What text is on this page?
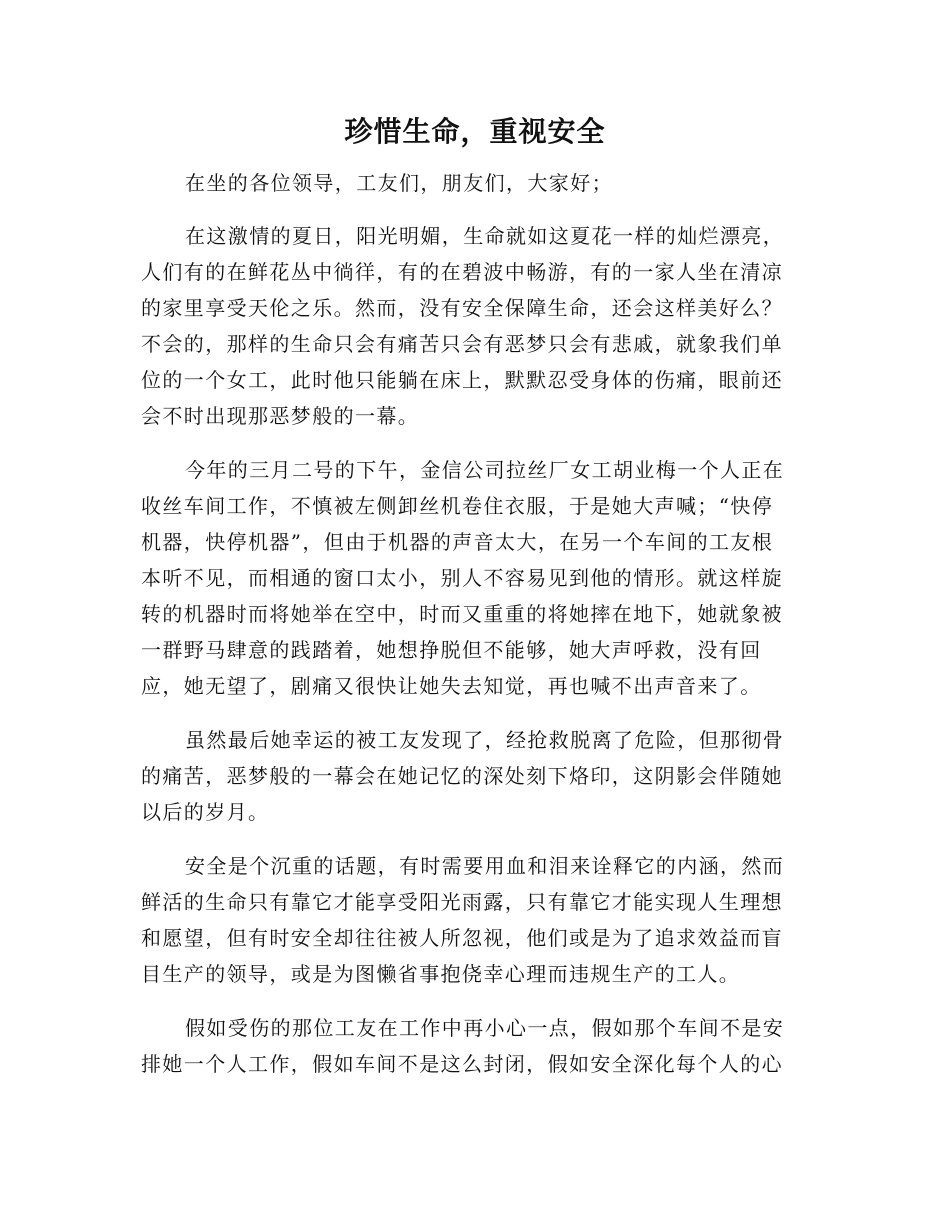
珍惜生命，重视安全
在坐的各位领导，工友们，朋友们，大家好；
在这激情的夏日，阳光明媚，生命就如这夏花一样的灿烂漂亮，
人们有的在鲜花丛中徜徉，有的在碧波中畅游，有的一家人坐在清凉
的家里享受天伦之乐。然而，没有安全保障生命，还会这样美好么？
不会的，那样的生命只会有痛苦只会有恶梦只会有悲戚，就象我们单
位的一个女工，此时他只能躺在床上，默默忍受身体的伤痛，眼前还
会不时出现那恶梦般的一幕。
今年的三月二号的下午，金信公司拉丝厂女工胡业梅一个人正在
收丝车间工作，不慎被左侧卸丝机卷住衣服，于是她大声喊；“快停
机器，快停机器”，但由于机器的声音太大，在另一个车间的工友根
本听不见，而相通的窗口太小，别人不容易见到他的情形。就这样旋
转的机器时而将她举在空中，时而又重重的将她摔在地下，她就象被
一群野马肆意的践踏着，她想挣脱但不能够，她大声呼救，没有回
应，她无望了，剧痛又很快让她失去知觉，再也喊不出声音来了。
虽然最后她幸运的被工友发现了，经抢救脱离了危险，但那彻骨
的痛苦，恶梦般的一幕会在她记忆的深处刻下烙印，这阴影会伴随她
以后的岁月。
安全是个沉重的话题，有时需要用血和泪来诠释它的内涵，然而
鲜活的生命只有靠它才能享受阳光雨露，只有靠它才能实现人生理想
和愿望，但有时安全却往往被人所忽视，他们或是为了追求效益而盲
目生产的领导，或是为图懒省事抱侥幸心理而违规生产的工人。
假如受伤的那位工友在工作中再小心一点，假如那个车间不是安
排她一个人工作，假如车间不是这么封闭，假如安全深化每个人的心
